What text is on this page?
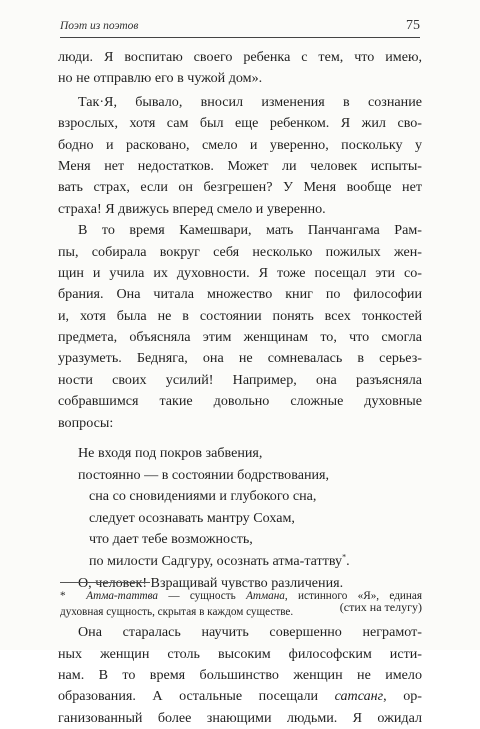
Поэт из поэтов	75
люди. Я воспитаю своего ребенка с тем, что имею,
но не отправлю его в чужой дом».
Так·Я, бывало, вносил изменения в сознание
взрослых, хотя сам был еще ребенком. Я жил сво-
бодно и расковано, смело и уверенно, поскольку у
Меня нет недостатков. Может ли человек испыты-
вать страх, если он безгрешен? У Меня вообще нет
страха! Я движусь вперед смело и уверенно.
В то время Камешвари, мать Панчангама Рам-
пы, собирала вокруг себя несколько пожилых жен-
щин и учила их духовности. Я тоже посещал эти со-
брания. Она читала множество книг по философии
и, хотя была не в состоянии понять всех тонкостей
предмета, объясняла этим женщинам то, что смогла
уразуметь. Бедняга, она не сомневалась в серьез-
ности своих усилий! Например, она разъясняла
собравшимся такие довольно сложные духовные
вопросы:
Не входя под покров забвения,
постоянно — в состоянии бодрствования,
сна со сновидениями и глубокого сна,
следует осознавать мантру Сохам,
что дает тебе возможность,
по милости Садгуру, осознать атма-таттву*.
О, человек! Взращивай чувство различения.
(стих на телугу)
Она старалась научить совершенно неграмот-
ных женщин столь высоким философским исти-
нам. В то время большинство женщин не имело
образования. А остальные посещали сатсанг, ор-
ганизованный более знающими людьми. Я ожидал
* Атма-таттва — сущность Атмана, истинного «Я», единая
духовная сущность, скрытая в каждом существе.
